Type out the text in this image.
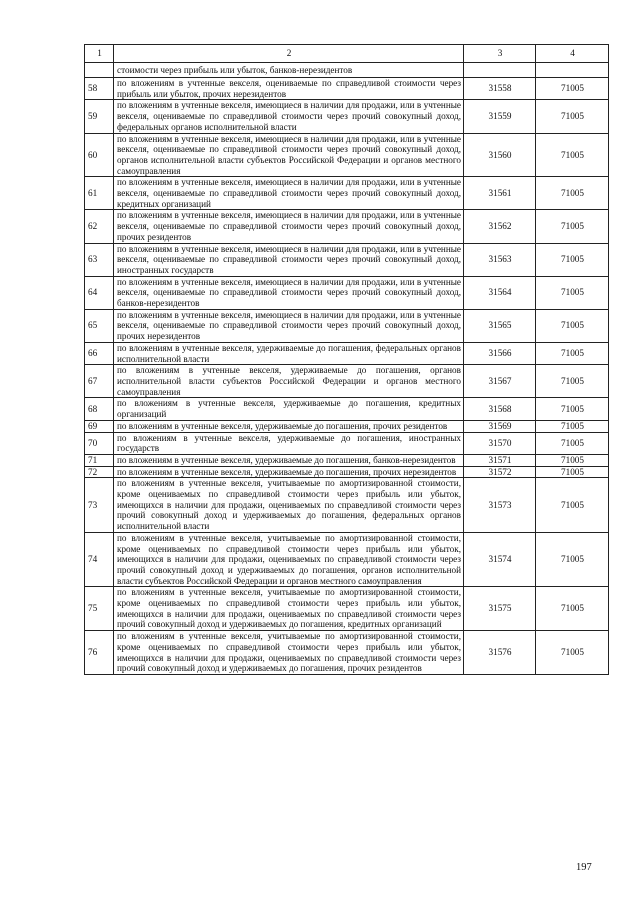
1	2	3	4
	стоимости через прибыль или убыток, банков-нерезидентов		
58	по вложениям в учтенные векселя, оцениваемые по справедливой стоимости через прибыль или убыток, прочих нерезидентов	31558	71005
59	по вложениям в учтенные векселя, имеющиеся в наличии для продажи, или в учтенные векселя, оцениваемые по справедливой стоимости через прочий совокупный доход, федеральных органов исполнительной власти	31559	71005
60	по вложениям в учтенные векселя, имеющиеся в наличии для продажи, или в учтенные векселя, оцениваемые по справедливой стоимости через прочий совокупный доход, органов исполнительной власти субъектов Российской Федерации и органов местного самоуправления	31560	71005
61	по вложениям в учтенные векселя, имеющиеся в наличии для продажи, или в учтенные векселя, оцениваемые по справедливой стоимости через прочий совокупный доход, кредитных организаций	31561	71005
62	по вложениям в учтенные векселя, имеющиеся в наличии для продажи, или в учтенные векселя, оцениваемые по справедливой стоимости через прочий совокупный доход, прочих резидентов	31562	71005
63	по вложениям в учтенные векселя, имеющиеся в наличии для продажи, или в учтенные векселя, оцениваемые по справедливой стоимости через прочий совокупный доход, иностранных государств	31563	71005
64	по вложениям в учтенные векселя, имеющиеся в наличии для продажи, или в учтенные векселя, оцениваемые по справедливой стоимости через прочий совокупный доход, банков-нерезидентов	31564	71005
65	по вложениям в учтенные векселя, имеющиеся в наличии для продажи, или в учтенные векселя, оцениваемые по справедливой стоимости через прочий совокупный доход, прочих нерезидентов	31565	71005
66	по вложениям в учтенные векселя, удерживаемые до погашения, федеральных органов исполнительной власти	31566	71005
67	по вложениям в учтенные векселя, удерживаемые до погашения, органов исполнительной власти субъектов Российской Федерации и органов местного самоуправления	31567	71005
68	по вложениям в учтенные векселя, удерживаемые до погашения, кредитных организаций	31568	71005
69	по вложениям в учтенные векселя, удерживаемые до погашения, прочих резидентов	31569	71005
70	по вложениям в учтенные векселя, удерживаемые до погашения, иностранных государств	31570	71005
71	по вложениям в учтенные векселя, удерживаемые до погашения, банков-нерезидентов	31571	71005
72	по вложениям в учтенные векселя, удерживаемые до погашения, прочих нерезидентов	31572	71005
73	по вложениям в учтенные векселя, учитываемые по амортизированной стоимости, кроме оцениваемых по справедливой стоимости через прибыль или убыток, имеющихся в наличии для продажи, оцениваемых по справедливой стоимости через прочий совокупный доход и удерживаемых до погашения, федеральных органов исполнительной власти	31573	71005
74	по вложениям в учтенные векселя, учитываемые по амортизированной стоимости, кроме оцениваемых по справедливой стоимости через прибыль или убыток, имеющихся в наличии для продажи, оцениваемых по справедливой стоимости через прочий совокупный доход и удерживаемых до погашения, органов исполнительной власти субъектов Российской Федерации и органов местного самоуправления	31574	71005
75	по вложениям в учтенные векселя, учитываемые по амортизированной стоимости, кроме оцениваемых по справедливой стоимости через прибыль или убыток, имеющихся в наличии для продажи, оцениваемых по справедливой стоимости через прочий совокупный доход и удерживаемых до погашения, кредитных организаций	31575	71005
76	по вложениям в учтенные векселя, учитываемые по амортизированной стоимости, кроме оцениваемых по справедливой стоимости через прибыль или убыток, имеющихся в наличии для продажи, оцениваемых по справедливой стоимости через прочий совокупный доход и удерживаемых до погашения, прочих резидентов	31576	71005
197
